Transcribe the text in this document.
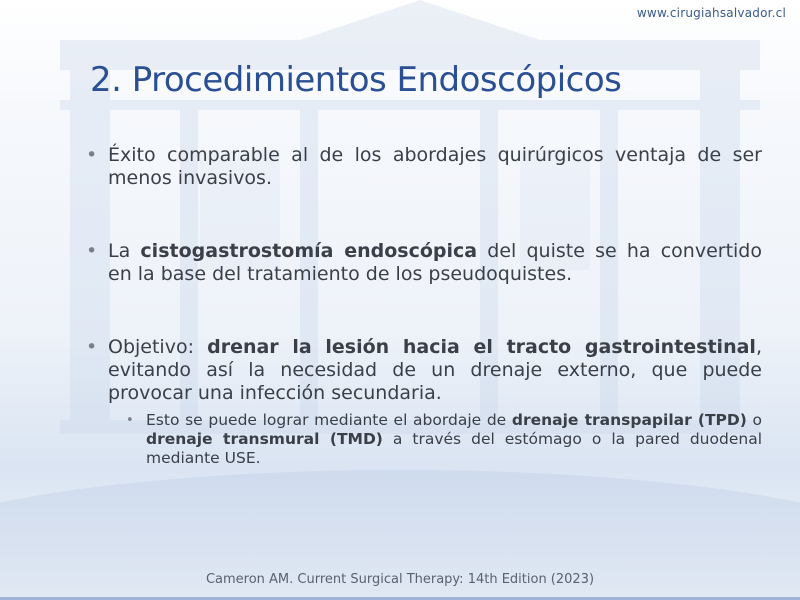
www.cirugiahsalvador.cl
2. Procedimientos Endoscópicos
• Éxito comparable al de los abordajes quirúrgicos ventaja de ser menos invasivos.
• La cistogastrostomía endoscópica del quiste se ha convertido en la base del tratamiento de los pseudoquistes.
• Objetivo: drenar la lesión hacia el tracto gastrointestinal, evitando así la necesidad de un drenaje externo, que puede provocar una infección secundaria.
• Esto se puede lograr mediante el abordaje de drenaje transpapilar (TPD) o drenaje transmural (TMD) a través del estómago o la pared duodenal mediante USE.
Cameron AM. Current Surgical Therapy: 14th Edition (2023)
